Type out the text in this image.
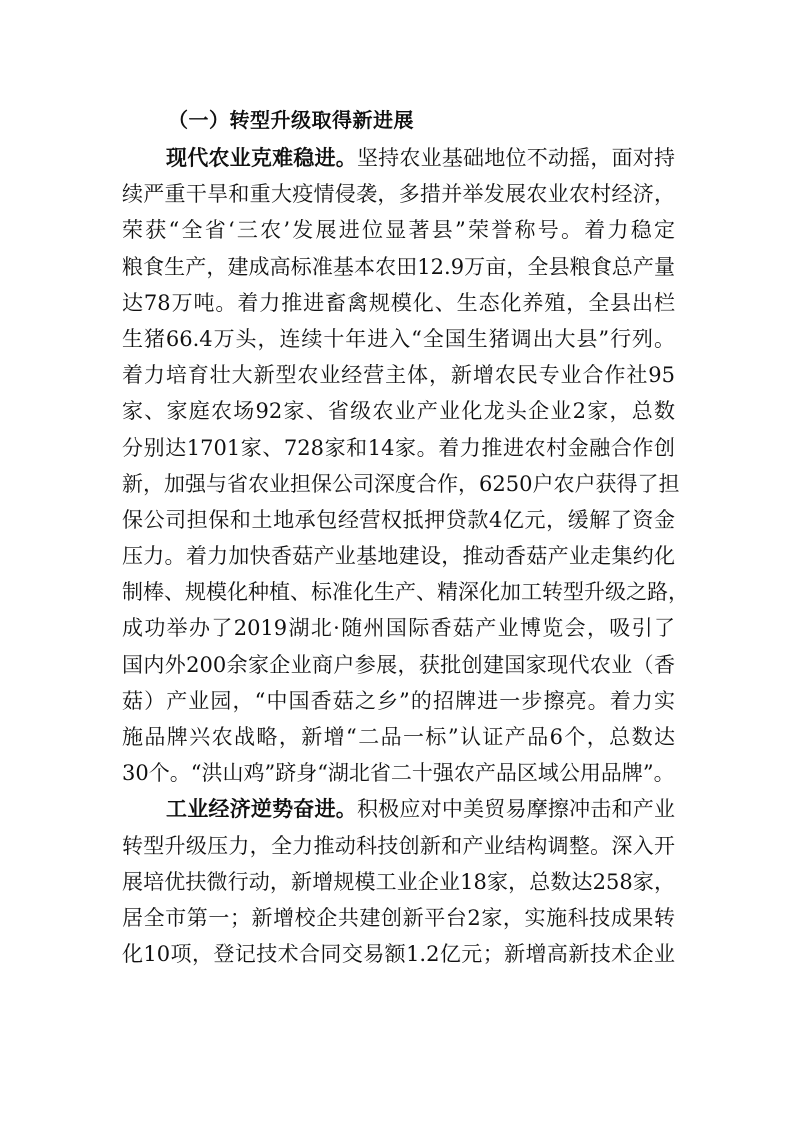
（一）转型升级取得新进展
现代农业克难稳进。坚持农业基础地位不动摇，面对持
续严重干旱和重大疫情侵袭，多措并举发展农业农村经济，
荣获“全省‘三农’发展进位显著县”荣誉称号。着力稳定
粮食生产，建成高标准基本农田12.9万亩，全县粮食总产量
达78万吨。着力推进畜禽规模化、生态化养殖，全县出栏
生猪66.4万头，连续十年进入“全国生猪调出大县”行列。
着力培育壮大新型农业经营主体，新增农民专业合作社95
家、家庭农场92家、省级农业产业化龙头企业2家，总数
分别达1701家、728家和14家。着力推进农村金融合作创
新，加强与省农业担保公司深度合作，6250户农户获得了担
保公司担保和土地承包经营权抵押贷款4亿元，缓解了资金
压力。着力加快香菇产业基地建设，推动香菇产业走集约化
制棒、规模化种植、标准化生产、精深化加工转型升级之路，
成功举办了2019湖北·随州国际香菇产业博览会，吸引了
国内外200余家企业商户参展，获批创建国家现代农业（香
菇）产业园，“中国香菇之乡”的招牌进一步擦亮。着力实
施品牌兴农战略，新增“二品一标”认证产品6个，总数达
30个。“洪山鸡”跻身“湖北省二十强农产品区域公用品牌”。
工业经济逆势奋进。积极应对中美贸易摩擦冲击和产业
转型升级压力，全力推动科技创新和产业结构调整。深入开
展培优扶微行动，新增规模工业企业18家，总数达258家，
居全市第一；新增校企共建创新平台2家，实施科技成果转
化10项，登记技术合同交易额1.2亿元；新增高新技术企业
